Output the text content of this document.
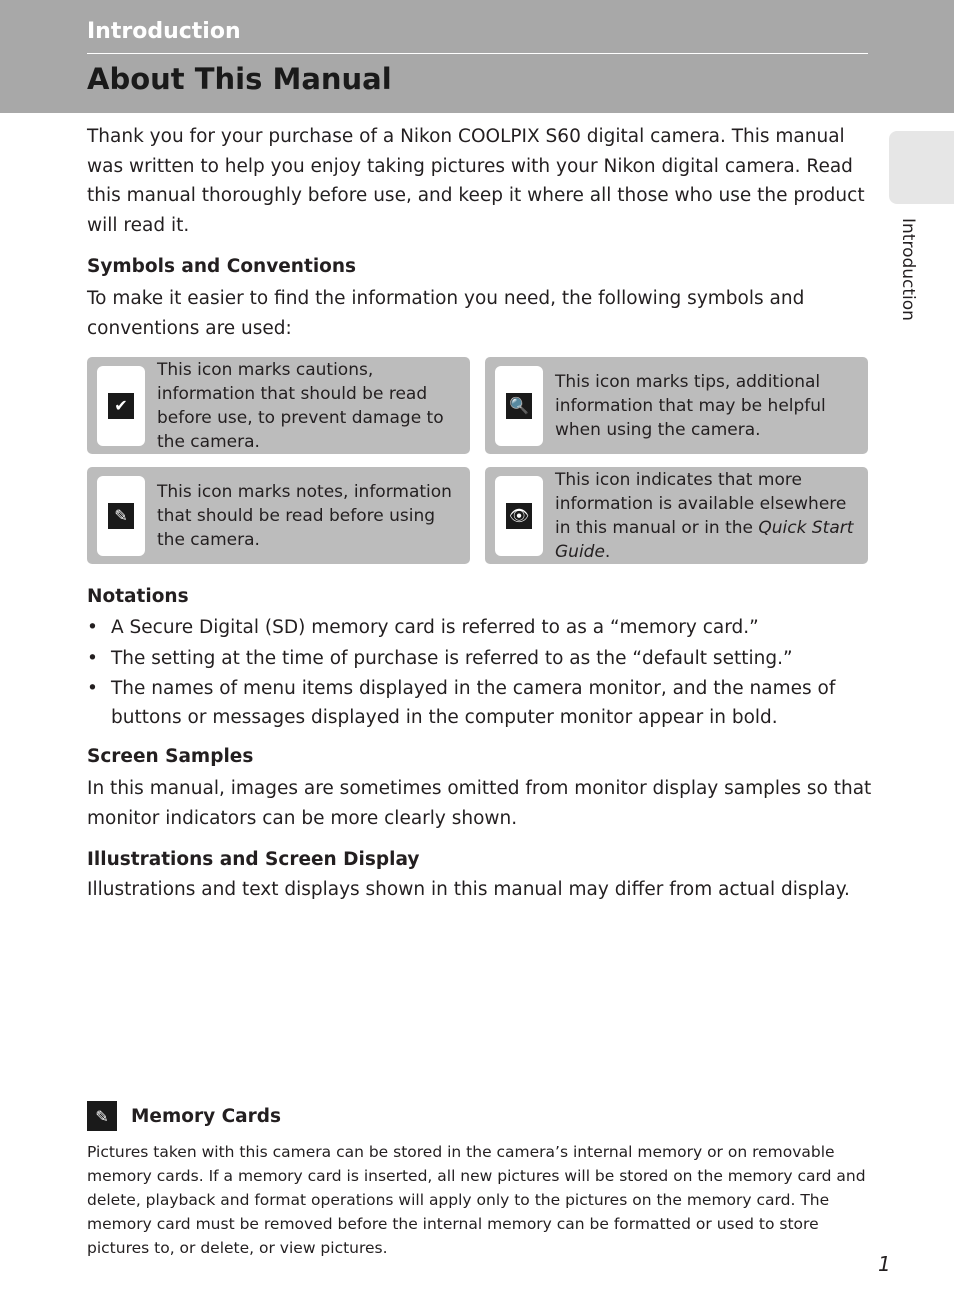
Introduction
About This Manual
Introduction

Thank you for your purchase of a Nikon COOLPIX S60 digital camera. This manual was written to help you enjoy taking pictures with your Nikon digital camera. Read this manual thoroughly before use, and keep it where all those who use the product will read it.

Symbols and Conventions

To make it easier to find the information you need, the following symbols and conventions are used:

✔
This icon marks cautions, information that should be read before use, to prevent damage to the camera.
🔍
This icon marks tips, additional information that may be helpful when using the camera.
✎
This icon marks notes, information that should be read before using the camera.
👁
This icon indicates that more information is available elsewhere in this manual or in the Quick Start Guide.
Notations
• A Secure Digital (SD) memory card is referred to as a “memory card.”
• The setting at the time of purchase is referred to as the “default setting.”
• The names of menu items displayed in the camera monitor, and the names of buttons or messages displayed in the computer monitor appear in bold.
Screen Samples

In this manual, images are sometimes omitted from monitor display samples so that monitor indicators can be more clearly shown.

Illustrations and Screen Display

Illustrations and text displays shown in this manual may differ from actual display.

✎	Memory Cards

Pictures taken with this camera can be stored in the camera’s internal memory or on removable memory cards. If a memory card is inserted, all new pictures will be stored on the memory card and delete, playback and format operations will apply only to the pictures on the memory card. The memory card must be removed before the internal memory can be formatted or used to store pictures to, or delete, or view pictures.

1
